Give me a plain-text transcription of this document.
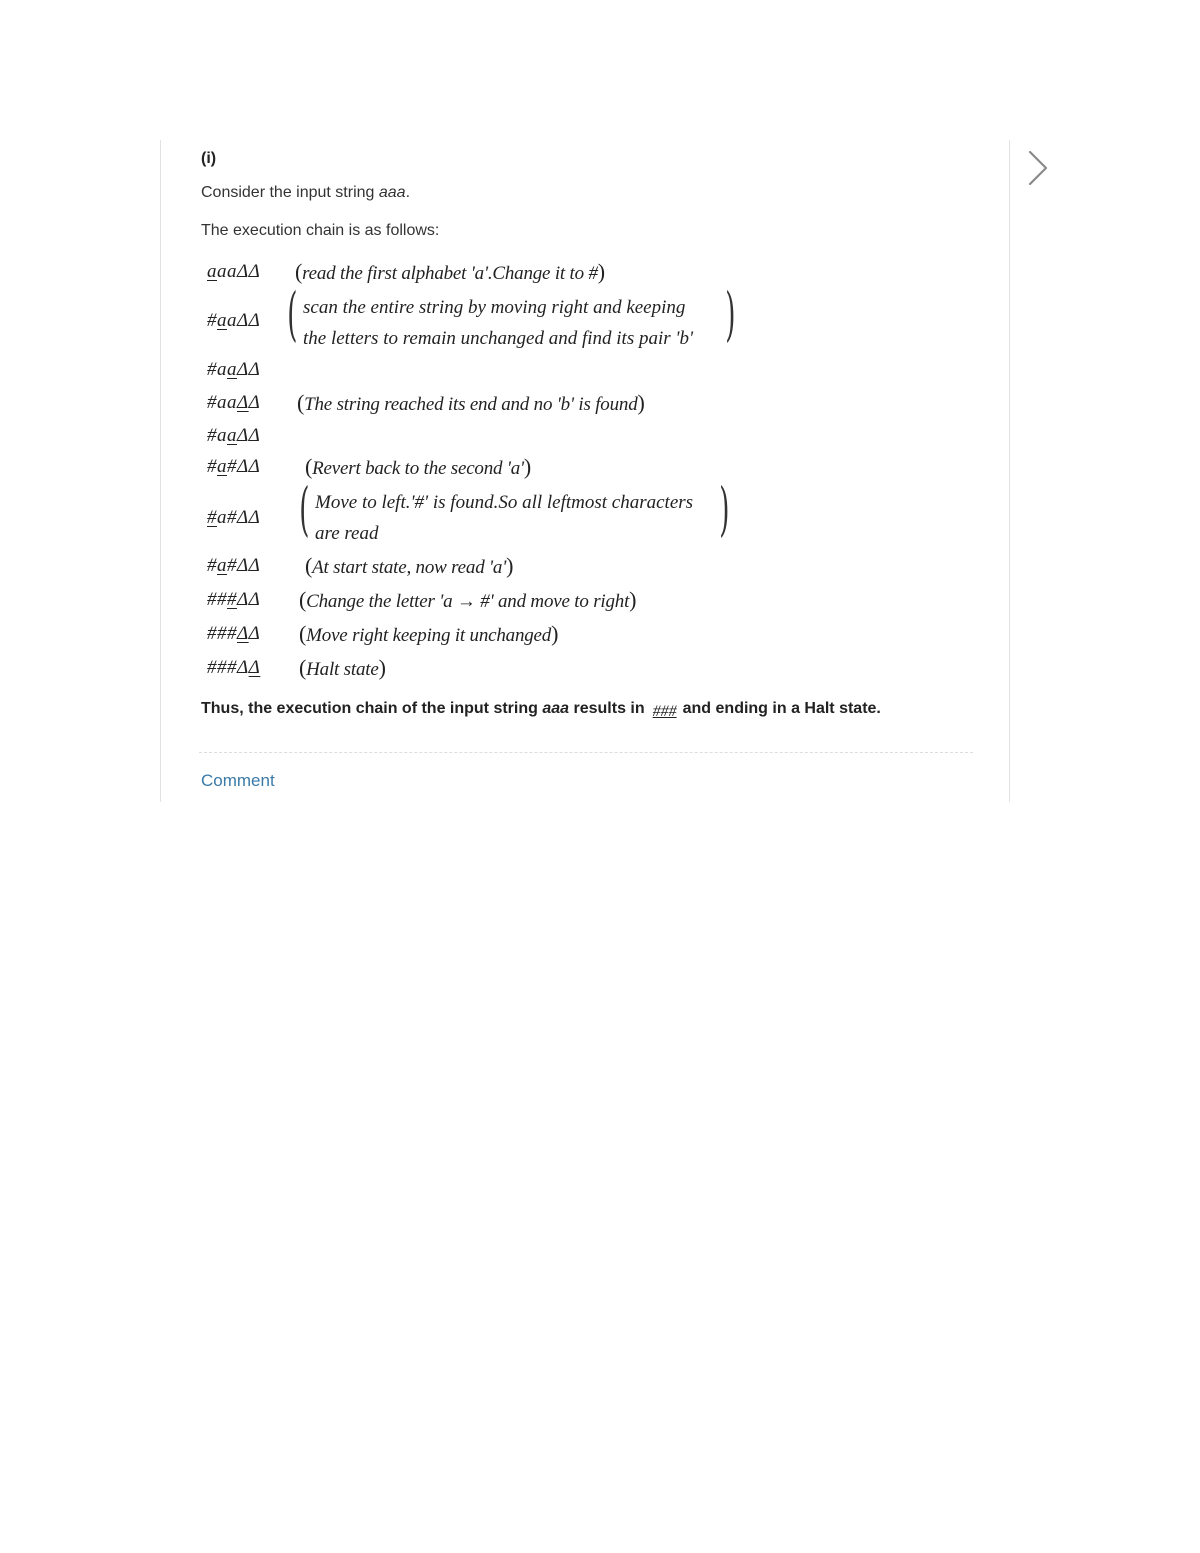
(i)
Consider the input string aaa.
The execution chain is as follows:
aaaΔΔ (read the first alphabet 'a'.Change it to #)
#aaΔΔ ( scan the entire string by moving right and keeping
the letters to remain unchanged and find its pair 'b' )
#aaΔΔ
#aaΔΔ (The string reached its end and no 'b' is found)
#aaΔΔ
#a#ΔΔ (Revert back to the second 'a')
#a#ΔΔ ( Move to left.'#' is found.So all leftmost characters
are read	)
#a#ΔΔ (At start state, now read 'a')
###ΔΔ (Change the letter 'a → #' and move to right)
###ΔΔ (Move right keeping it unchanged)
###ΔΔ (Halt state)
Thus, the execution chain of the input string aaa results in ### and ending in a Halt state.
Comment
